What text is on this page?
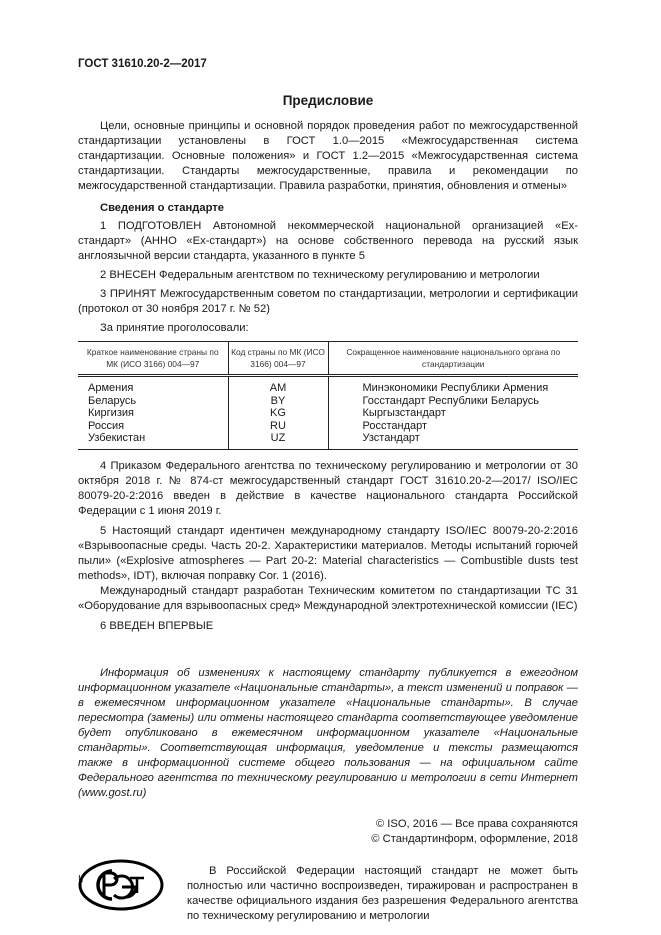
ГОСТ 31610.20-2—2017
Предисловие

Цели, основные принципы и основной порядок проведения работ по межгосударственной стандартизации установлены в ГОСТ 1.0—2015 «Межгосударственная система стандартизации. Основные положения» и ГОСТ 1.2—2015 «Межгосударственная система стандартизации. Стандарты межгосударственные, правила и рекомендации по межгосударственной стандартизации. Правила разработки, принятия, обновления и отмены»

Сведения о стандарте

1 ПОДГОТОВЛЕН Автономной некоммерческой национальной организацией «Ех-стандарт» (АННО «Ех-стандарт») на основе собственного перевода на русский язык англоязычной версии стандарта, указанного в пункте 5

2 ВНЕСЕН Федеральным агентством по техническому регулированию и метрологии

3 ПРИНЯТ Межгосударственным советом по стандартизации, метрологии и сертификации (протокол от 30 ноября 2017 г. № 52)

За принятие проголосовали:

Краткое наименование страны по МК (ИСО 3166) 004—97	Код страны по МК (ИСО 3166) 004—97	Сокращенное наименование национального органа по стандартизации
Армения	AM	Минэкономики Республики Армения
Беларусь	BY	Госстандарт Республики Беларусь
Киргизия	KG	Кыргызстандарт
Россия	RU	Росстандарт
Узбекистан	UZ	Узстандарт

4 Приказом Федерального агентства по техническому регулированию и метрологии от 30 октября 2018 г. № 874-ст межгосударственный стандарт ГОСТ 31610.20-2—2017/ ISO/IEC 80079-20-2:2016 введен в действие в качестве национального стандарта Российской Федерации с 1 июня 2019 г.

5 Настоящий стандарт идентичен международному стандарту ISO/IEC 80079-20-2:2016 «Взрывоопасные среды. Часть 20-2. Характеристики материалов. Методы испытаний горючей пыли» («Explosive atmospheres — Part 20-2: Material characteristics — Combustible dusts test methods», IDT), включая поправку Cor. 1 (2016).

Международный стандарт разработан Техническим комитетом по стандартизации ТС 31 «Оборудование для взрывоопасных сред» Международной электротехнической комиссии (IEC)

6 ВВЕДЕН ВПЕРВЫЕ

Информация об изменениях к настоящему стандарту публикуется в ежегодном информационном указателе «Национальные стандарты», а текст изменений и поправок — в ежемесячном информационном указателе «Национальные стандарты». В случае пересмотра (замены) или отмены настоящего стандарта соответствующее уведомление будет опубликовано в ежемесячном информационном указателе «Национальные стандарты». Соответствующая информация, уведомление и тексты размещаются также в информационной системе общего пользования — на официальном сайте Федерального агентства по техническому регулированию и метрологии в сети Интернет (www.gost.ru)

© ISO, 2016 — Все права сохраняются
© Стандартинформ, оформление, 2018

В Российской Федерации настоящий стандарт не может быть полностью или частично воспроизведен, тиражирован и распространен в качестве официального издания без разрешения Федерального агентства по техническому регулированию и метрологии

II
